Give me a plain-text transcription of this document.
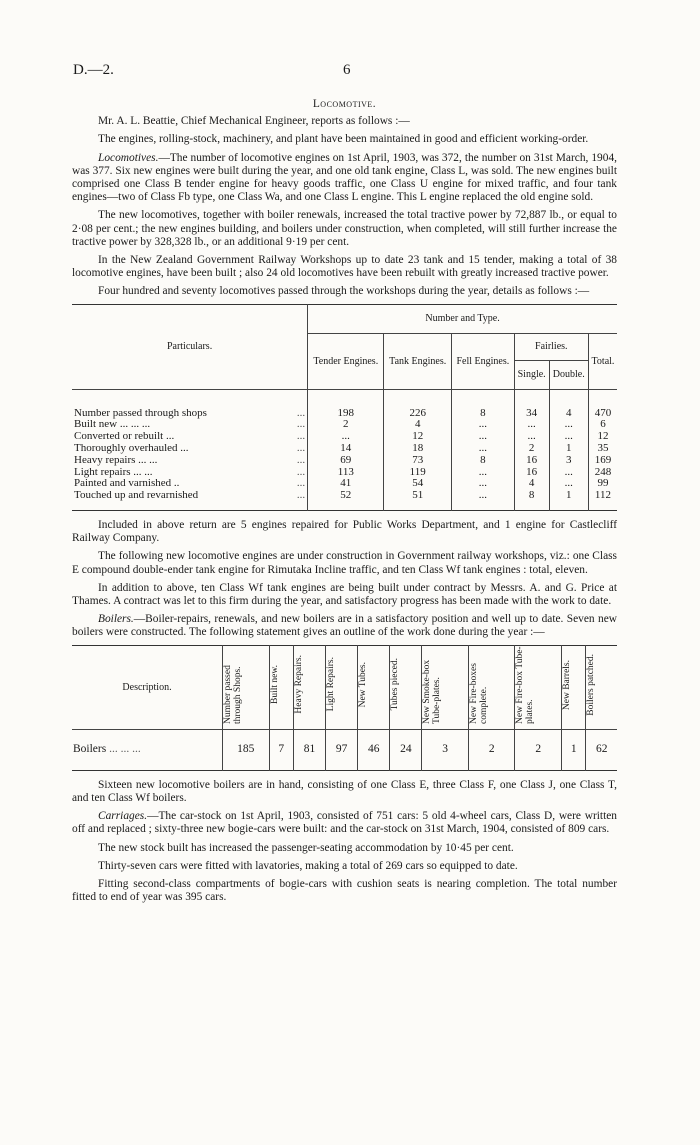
D.—2.	6
Locomotive.

Mr. A. L. Beattie, Chief Mechanical Engineer, reports as follows :—

The engines, rolling-stock, machinery, and plant have been maintained in good and efficient working-order.

Locomotives.—The number of locomotive engines on 1st April, 1903, was 372, the number on 31st March, 1904, was 377. Six new engines were built during the year, and one old tank engine, Class L, was sold. The new engines built comprised one Class B tender engine for heavy goods traffic, one Class U engine for mixed traffic, and four tank engines—two of Class Fb type, one Class Wa, and one Class L engine. This L engine replaced the old engine sold.

The new locomotives, together with boiler renewals, increased the total tractive power by 72,887 lb., or equal to 2·08 per cent.; the new engines building, and boilers under construction, when completed, will still further increase the tractive power by 328,328 lb., or an additional 9·19 per cent.

In the New Zealand Government Railway Workshops up to date 23 tank and 15 tender, making a total of 38 locomotive engines, have been built ; also 24 old locomotives have been rebuilt with greatly increased tractive power.

Four hundred and seventy locomotives passed through the workshops during the year, details as follows :—

Particulars.		Number and Type.					
		Tender Engines.	Tank Engines.	Fell Engines.	Fairlies.		Total.
					Single.	Double.	

Number passed through shops	...	198	226	8	34	4	470
Built new ... ... ...	...	2	4	...	...	...	6
Converted or rebuilt ...	...	...	12	...	...	...	12
Thoroughly overhauled ...	...	14	18	...	2	1	35
Heavy repairs ... ...	...	69	73	8	16	3	169
Light repairs ... ...	...	113	119	...	16	...	248
Painted and varnished ..	...	41	54	...	4	...	99
Touched up and revarnished	...	52	51	...	8	1	112

Included in above return are 5 engines repaired for Public Works Department, and 1 engine for Castlecliff Railway Company.

The following new locomotive engines are under construction in Government railway workshops, viz.: one Class E compound double-ender tank engine for Rimutaka Incline traffic, and ten Class Wf tank engines : total, eleven.

In addition to above, ten Class Wf tank engines are being built under contract by Messrs. A. and G. Price at Thames. A contract was let to this firm during the year, and satisfactory progress has been made with the work to date.

Boilers.—Boiler-repairs, renewals, and new boilers are in a satisfactory position and well up to date. Seven new boilers were constructed. The following statement gives an outline of the work done during the year :—

Description.	Number passed through Shops.	Built new.	Heavy Repairs.	Light Repairs.	New Tubes.	Tubes pieced.	New Smoke-box Tube-plates.	New Fire-boxes complete.	New Fire-box Tube-plates.	New Barrels.	Boilers patched.
Boilers ... ... ...	185	7	81	97	46	24	3	2	2	1	62

Sixteen new locomotive boilers are in hand, consisting of one Class E, three Class F, one Class J, one Class T, and ten Class Wf boilers.

Carriages.—The car-stock on 1st April, 1903, consisted of 751 cars: 5 old 4-wheel cars, Class D, were written off and replaced ; sixty-three new bogie-cars were built: and the car-stock on 31st March, 1904, consisted of 809 cars.

The new stock built has increased the passenger-seating accommodation by 10·45 per cent.

Thirty-seven cars were fitted with lavatories, making a total of 269 cars so equipped to date.

Fitting second-class compartments of bogie-cars with cushion seats is nearing completion. The total number fitted to end of year was 395 cars.
